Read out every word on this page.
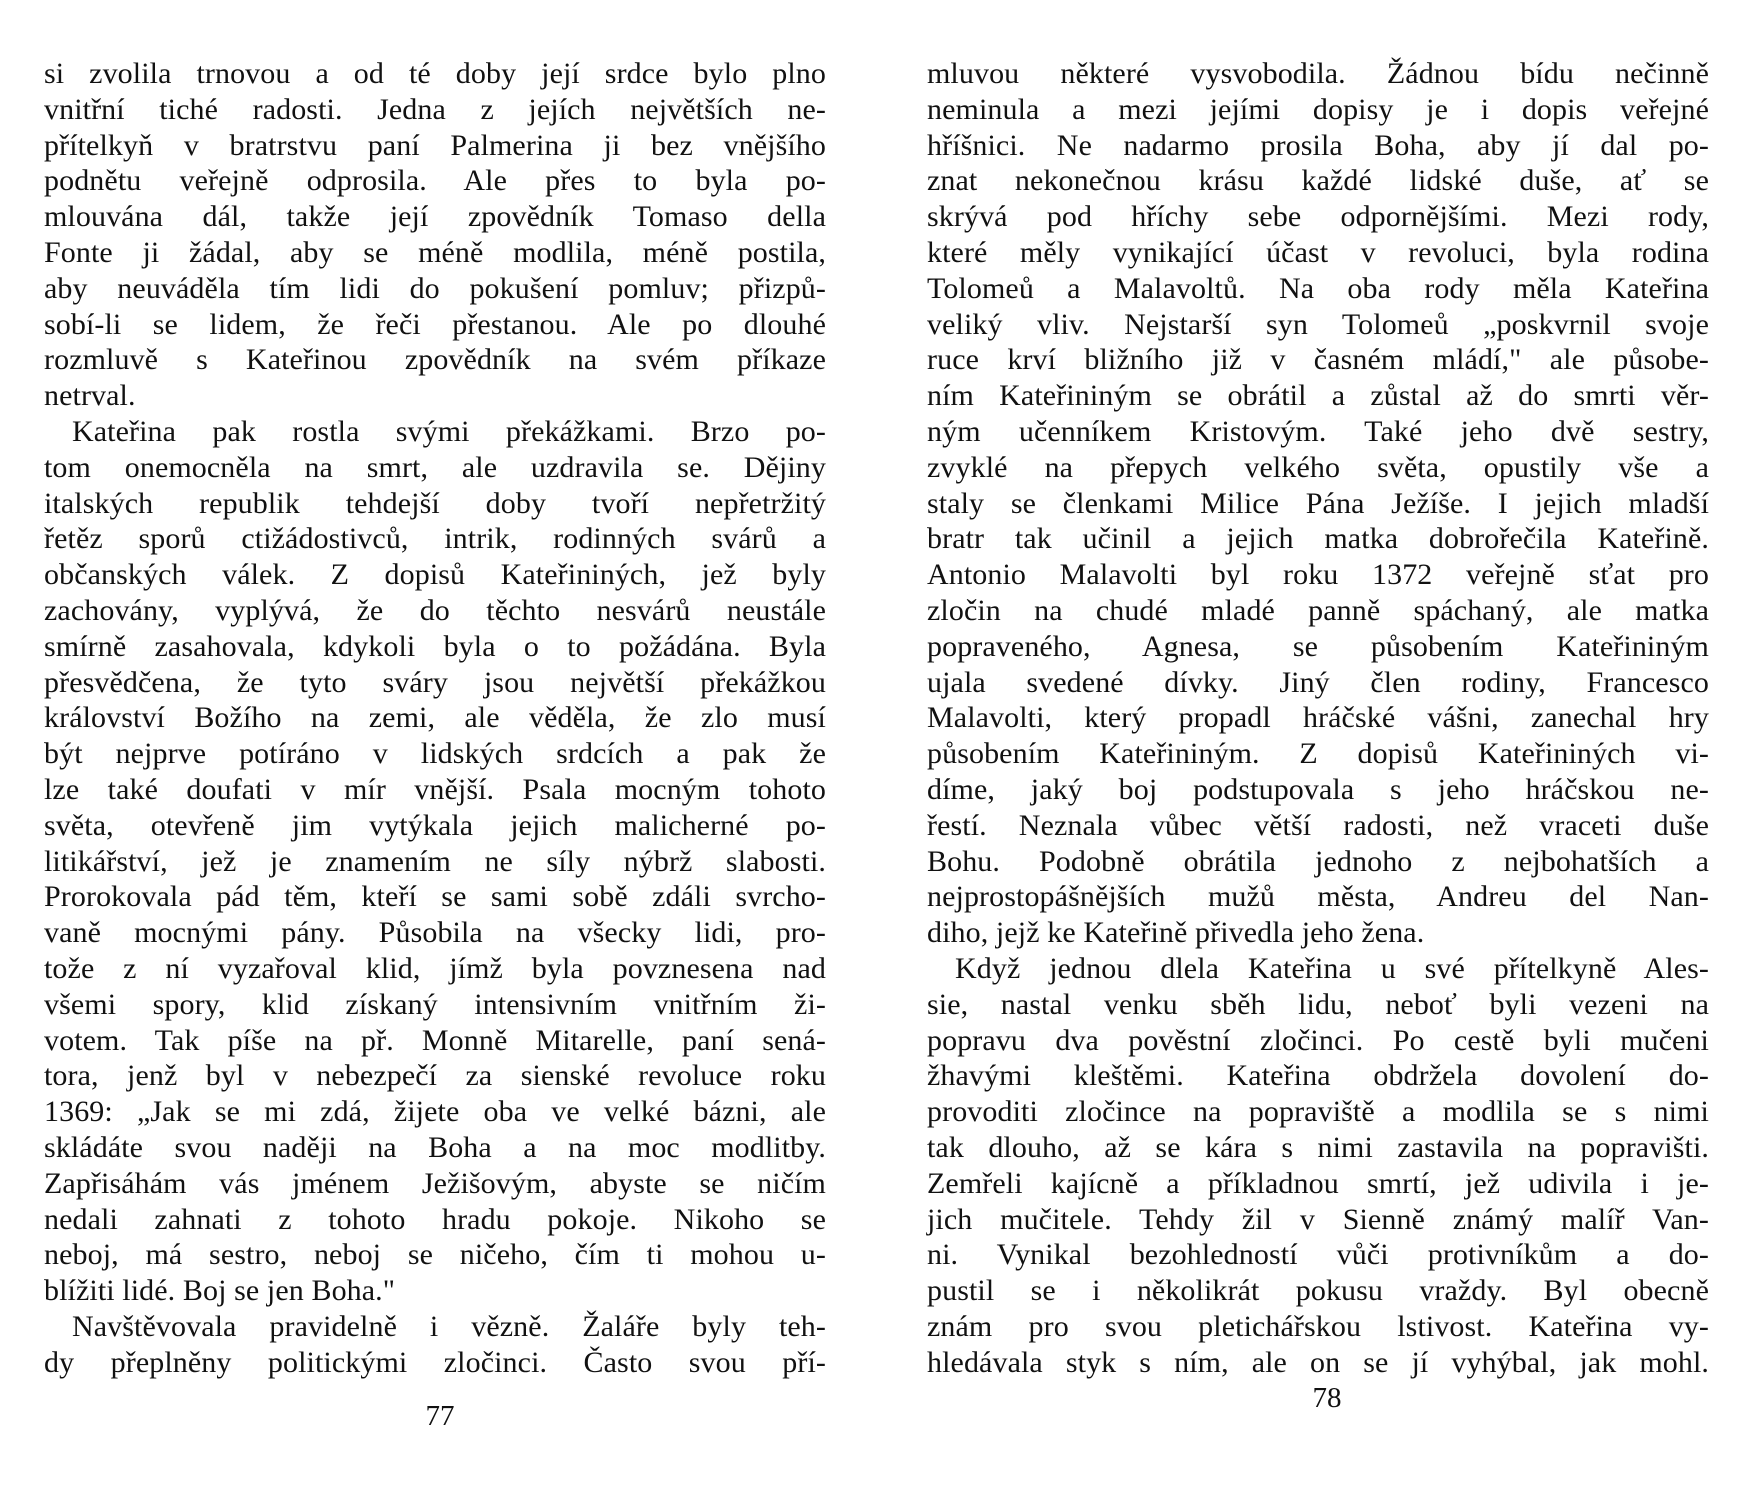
si zvolila trnovou a od té doby její srdce bylo plno
vnitřní tiché radosti. Jedna z jejích největších ne-
přítelkyň v bratrstvu paní Palmerina ji bez vnějšího
podnětu veřejně odprosila. Ale přes to byla po-
mlouvána dál, takže její zpovědník Tomaso della
Fonte ji žádal, aby se méně modlila, méně postila,
aby neuváděla tím lidi do pokušení pomluv; přizpů-
sobí-li se lidem, že řeči přestanou. Ale po dlouhé
rozmluvě s Kateřinou zpovědník na svém příkaze
netrval.
Kateřina pak rostla svými překážkami. Brzo po-
tom onemocněla na smrt, ale uzdravila se. Dějiny
italských republik tehdejší doby tvoří nepřetržitý
řetěz sporů ctižádostivců, intrik, rodinných svárů a
občanských válek. Z dopisů Kateřininých, jež byly
zachovány, vyplývá, že do těchto nesvárů neustále
smírně zasahovala, kdykoli byla o to požádána. Byla
přesvědčena, že tyto sváry jsou největší překážkou
království Božího na zemi, ale věděla, že zlo musí
být nejprve potíráno v lidských srdcích a pak že
lze také doufati v mír vnější. Psala mocným tohoto
světa, otevřeně jim vytýkala jejich malicherné po-
litikářství, jež je znamením ne síly nýbrž slabosti.
Prorokovala pád těm, kteří se sami sobě zdáli svrcho-
vaně mocnými pány. Působila na všecky lidi, pro-
tože z ní vyzařoval klid, jímž byla povznesena nad
všemi spory, klid získaný intensivním vnitřním ži-
votem. Tak píše na př. Monně Mitarelle, paní sená-
tora, jenž byl v nebezpečí za sienské revoluce roku
1369: „Jak se mi zdá, žijete oba ve velké bázni, ale
skládáte svou naději na Boha a na moc modlitby.
Zapřisáhám vás jménem Ježišovým, abyste se ničím
nedali zahnati z tohoto hradu pokoje. Nikoho se
neboj, má sestro, neboj se ničeho, čím ti mohou u-
blížiti lidé. Boj se jen Boha."
Navštěvovala pravidelně i vězně. Žaláře byly teh-
dy přeplněny politickými zločinci. Často svou pří-
77
mluvou některé vysvobodila. Žádnou bídu nečinně
neminula a mezi jejími dopisy je i dopis veřejné
hříšnici. Ne nadarmo prosila Boha, aby jí dal po-
znat nekonečnou krásu každé lidské duše, ať se
skrývá pod hříchy sebe odpornějšími. Mezi rody,
které měly vynikající účast v revoluci, byla rodina
Tolomeů a Malavoltů. Na oba rody měla Kateřina
veliký vliv. Nejstarší syn Tolomeů „poskvrnil svoje
ruce krví bližního již v časném mládí," ale působe-
ním Kateřininým se obrátil a zůstal až do smrti věr-
ným učenníkem Kristovým. Také jeho dvě sestry,
zvyklé na přepych velkého světa, opustily vše a
staly se členkami Milice Pána Ježíše. I jejich mladší
bratr tak učinil a jejich matka dobrořečila Kateřině.
Antonio Malavolti byl roku 1372 veřejně sťat pro
zločin na chudé mladé panně spáchaný, ale matka
popraveného, Agnesa, se působením Kateřininým
ujala svedené dívky. Jiný člen rodiny, Francesco
Malavolti, který propadl hráčské vášni, zanechal hry
působením Kateřininým. Z dopisů Kateřininých vi-
díme, jaký boj podstupovala s jeho hráčskou ne-
řestí. Neznala vůbec větší radosti, než vraceti duše
Bohu. Podobně obrátila jednoho z nejbohatších a
nejprostopášnějších mužů města, Andreu del Nan-
diho, jejž ke Kateřině přivedla jeho žena.
Když jednou dlela Kateřina u své přítelkyně Ales-
sie, nastal venku sběh lidu, neboť byli vezeni na
popravu dva pověstní zločinci. Po cestě byli mučeni
žhavými kleštěmi. Kateřina obdržela dovolení do-
provoditi zločince na popraviště a modlila se s nimi
tak dlouho, až se kára s nimi zastavila na popravišti.
Zemřeli kajícně a příkladnou smrtí, jež udivila i je-
jich mučitele. Tehdy žil v Sienně známý malíř Van-
ni. Vynikal bezohledností vůči protivníkům a do-
pustil se i několikrát pokusu vraždy. Byl obecně
znám pro svou pletichářskou lstivost. Kateřina vy-
hledávala styk s ním, ale on se jí vyhýbal, jak mohl.
78
